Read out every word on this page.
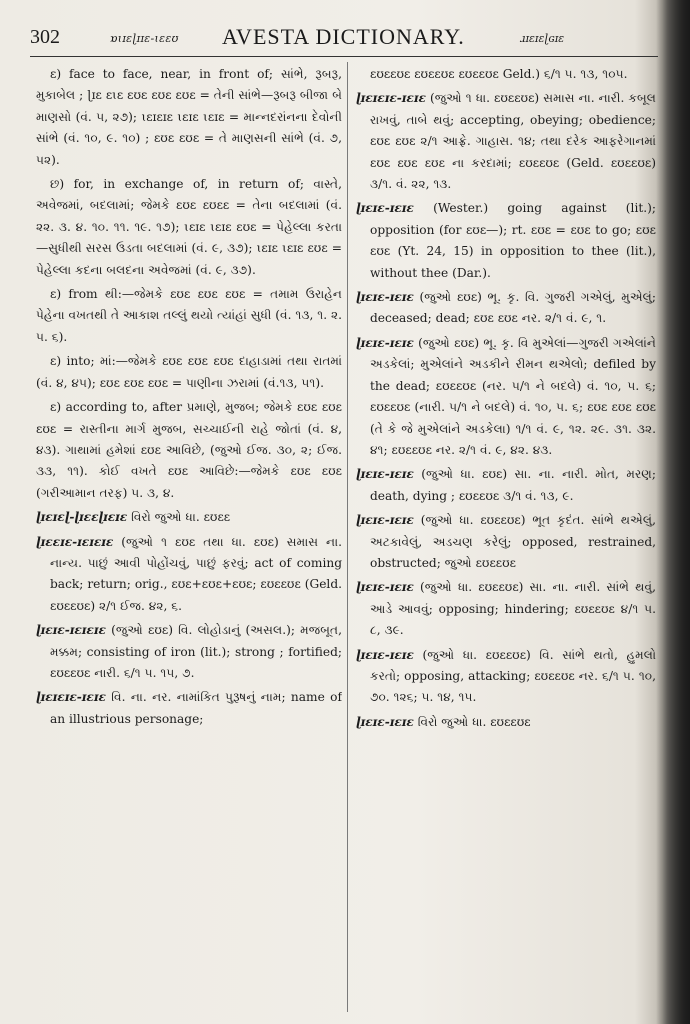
302	ɒɩɪɛɭɪɪɛ-ɩɛɛʊ AVESTA DICTIONARY.	ɹɪɛɪɛɭɢɪɛ

ε) face to face, near, in front of; સાંભે, રૂબરૂ, મુકાબેલ ; ɭɪɛ ɛɩɛ ɛʊɛ ɛʊɛ ɛʊɛ = તેની સાંભે—રૂબરૂ બીજા બે માણસો (વં. ૫, ૨૭); ɩɛɪɛɪɛ ɩɛɪɛ ɩɛɪɛ = માન્નદરાંનના દેવોની સાંભે (વં. ૧૦, ૯. ૧૦) ; ɛʊɛ ɛʊɛ = તે માણસની સાંભે (વં. ૭, ૫૨).

છ) for, in exchange of, in return of; વાસ્તે, અવેજમાં, બદલામાં; જેમકે ɛʊɛ ɛʊɛɛ = તેના બદલામાં (વં. ૨૨. ૩. ૪. ૧૦. ૧૧. ૧૯. ૧૭); ɩɛɪɛ ɩɛɪɛ ɛʊɛ = પેહેલ્લા કરતા—સુધીથી સરસ ઉડતા બદલામાં (વં. ૯, ૩૭); ɩɛɪɛ ɩɛɪɛ ɛʊɛ = પેહેલ્લા કદના બલદના અવેજમાં (વં. ૯, ૩૭).

ɛ) from થી:—જેમકે ɛʊɛ ɛʊɛ ɛʊɛ = તમામ ઉરાહેન પેહેના વખતથી તે આકાશ તલ્લું થયો ત્યાંહાં સુધી (વં. ૧૩, ૧. ૨. ૫. ૬).

ɛ) into; માં:—જેમકે ɛʊɛ ɛʊɛ ɛʊɛ દાહાડામાં તથા રાતમાં (વં. ૪, ૪૫); ɛʊɛ ɛʊɛ ɛʊɛ = પાણીના ઝરામાં (વં.૧૩, ૫૧).

ɛ) according to, after પ્રમાણે, મુજબ; જેમકે ɛʊɛ ɛʊɛ ɛʊɛ = રાસ્તીના માર્ગ મુજબ, સચ્ચાઈની રાહે જોતાં (વં. ૪, ૪૩). ગાથામાં હમેશાં ɛʊɛ આવિછે, (જુઓ ઈજ. ૩૦, ૨; ઈજ. ૩૩, ૧૧). કોઈ વખતે ɛʊɛ આવિછે:—જેમકે ɛʊɛ ɛʊɛ (ગરીઆમાન તરફ) ૫. ૩, ૪.

ɭɪɛɪɛɭ-ɭɪɛɛɭɪɛɪɛ વિરો જુઓ ધા. ɛʊɛɛ

ɭɪɛɛɪɛ-ɪɛɪɛɪɛ (જુઓ ૧ ɛʊɛ તથા ધા. ɛʊɛ) સમાસ ના. નાન્ય. પાછું આવી પોહોંચવું, પાછું ફરવું; act of coming back; return; orig., ɛʊɛ+ɛʊɛ+ɛʊɛ; ɛʊɛɛʊɛ (Geld. ɛʊɛɛʊɛ) ૨/૧ ઈજ. ૪૨, ૬.

ɭɪɛɪɛ-ɪɛɪɛɪɛ (જુઓ ɛʊɛ) વિ. લોહોડાનું (અસલ.); મજબૂત, મક્કમ; consisting of iron (lit.); strong ; fortified; ɛʊɛɛʊɛ નારી. ૬/૧ ૫. ૧૫, ૭.

ɭɪɛɪɛɪɛ-ɪɛɪɛ વિ. ના. નર. નામાંકિત પુરૂષનું નામ; name of an illustrious personage;

ɛʊɛɛʊɛ ɛʊɛɛʊɛ ɛʊɛɛʊɛ Geld.) ૬/૧ ૫. ૧૩, ૧૦૫.

ɭɪɛɪɛɪɛ-ɪɛɪɛ (જુઓ ૧ ધા. ɛʊɛɛʊɛ) સમાસ ના. નારી. કબૂલ રાખવું, તાબે થવું; accepting, obeying; obedience; ɛʊɛ ɛʊɛ ૨/૧ આફ્રે. ગાહાસ. ૧૪; તથા દરેક આફરેગાનમાં ɛʊɛ ɛʊɛ ɛʊɛ ના કરદામાં; ɛʊɛɛʊɛ (Geld. ɛʊɛɛʊɛ) ૩/૧. વં. ૨૨, ૧૩.

ɭɪɛɪɛ-ɪɛɪɛ (Wester.) going against (lit.); opposition (for ɛʊɛ—); rt. ɛʊɛ = ɛʊɛ to go; ɛʊɛ ɛʊɛ (Yt. 24, 15) in opposition to thee (lit.), without thee (Dar.).

ɭɪɛɪɛ-ɪɛɪɛ (જુઓ ɛʊɛ) ભૂ. કૃ. વિ. ગુજરી ગએલું, મુએલું; deceased; dead; ɛʊɛ ɛʊɛ નર. ૨/૧ વં. ૯, ૧.

ɭɪɛɪɛ-ɪɛɪɛ (જુઓ ɛʊɛ) ભૂ. કૃ. વિ મુએલાં—ગુજરી ગએલાંને અડકેલાં; મુએલાંને અડકીને રીમન થએલો; defiled by the dead; ɛʊɛɛʊɛ (નર. ૫/૧ ને બદલે) વં. ૧૦, ૫. ૬; ɛʊɛɛʊɛ (નારી. ૫/૧ ને બદલે) વં. ૧૦, ૫. ૬; ɛʊɛ ɛʊɛ ɛʊɛ (તે કે જે મુએલાંને અડકેલા) ૧/૧ વં. ૯, ૧૨. ૨૯. ૩૧. ૩૨. ૪૧; ɛʊɛɛʊɛ નર. ૨/૧ વં. ૯, ૪૨. ૪૩.

ɭɪɛɪɛ-ɪɛɪɛ (જુઓ ધા. ɛʊɛ) સા. ના. નારી. મોત, મરણ; death, dying ; ɛʊɛɛʊɛ ૩/૧ વં. ૧૩, ૯.

ɭɪɛɪɛ-ɪɛɪɛ (જુઓ ધા. ɛʊɛɛʊɛ) ભૂત કૃદંત. સાંભે થએલું, અટકાવેલું, અડચણ કરેલું; opposed, restrained, obstructed; જુઓ ɛʊɛɛʊɛ

ɭɪɛɪɛ-ɪɛɪɛ (જુઓ ધા. ɛʊɛɛʊɛ) સા. ના. નારી. સાંભે થવું, આડે આવવું; opposing; hindering; ɛʊɛɛʊɛ ૪/૧ ૫. ૮, ૩૯.

ɭɪɛɪɛ-ɪɛɪɛ (જુઓ ધા. ɛʊɛɛʊɛ) વિ. સાંભે થતો, હુમલો કરતો; opposing, attacking; ɛʊɛɛʊɛ નર. ૬/૧ ૫. ૧૦, ૭૦. ૧૨૬; ૫. ૧૪, ૧૫.

ɭɪɛɪɛ-ɪɛɪɛ વિરો જુઓ ધા. ɛʊɛɛʊɛ
